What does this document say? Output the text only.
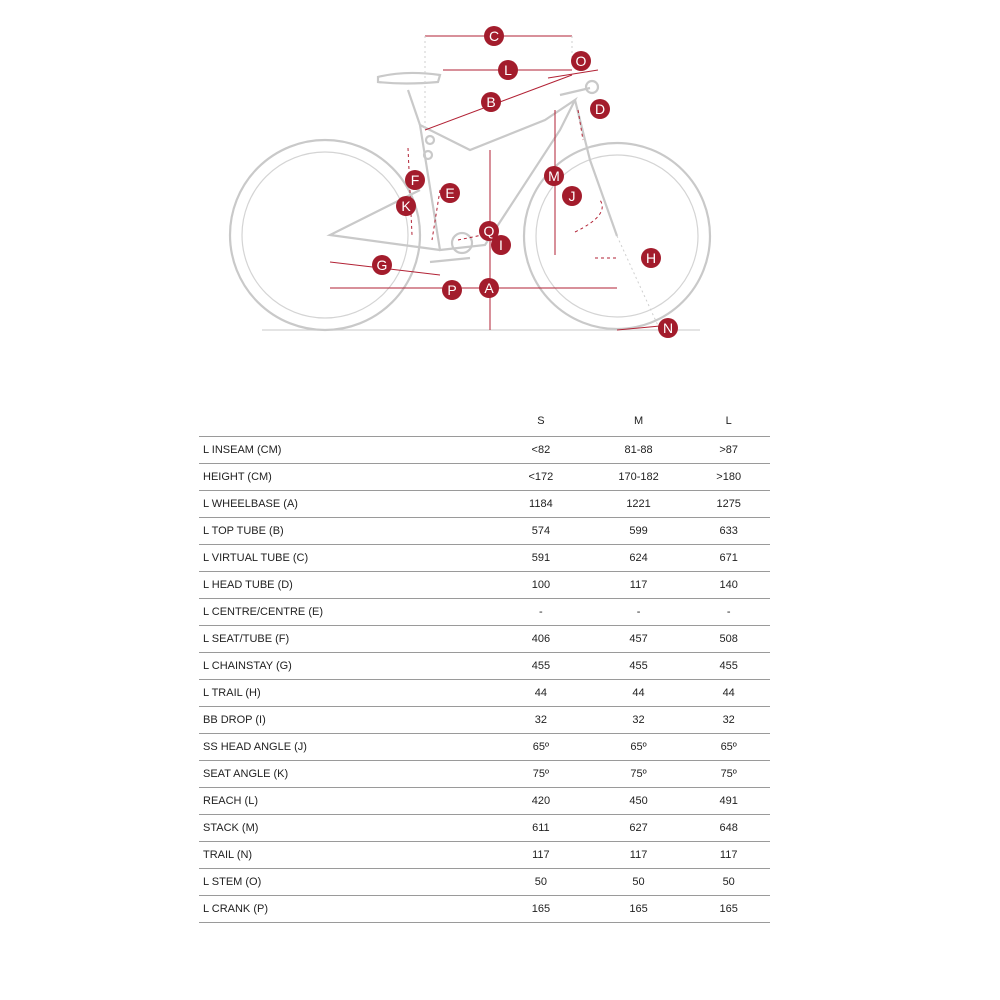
C
O
L
B	D
M
F
E	J
K
Q
I
H
G
A
P
N
		S	M	L
L INSEAM (CM)		<82	81-88	>87
HEIGHT (CM)		<172	170-182	>180
L WHEELBASE (A)		1184	1221	1275
L TOP TUBE (B)		574	599	633
L VIRTUAL TUBE (C)		591	624	671
L HEAD TUBE (D)		100	117	140
L CENTRE/CENTRE (E)		-	-	-
L SEAT/TUBE (F)		406	457	508
L CHAINSTAY (G)		455	455	455
L TRAIL (H)		44	44	44
BB DROP (I)		32	32	32
SS HEAD ANGLE (J)		65º	65º	65º
SEAT ANGLE (K)		75º	75º	75º
REACH (L)		420	450	491
STACK (M)		611	627	648
TRAIL (N)		117	117	117
L STEM (O)		50	50	50
L CRANK (P)		165	165	165
